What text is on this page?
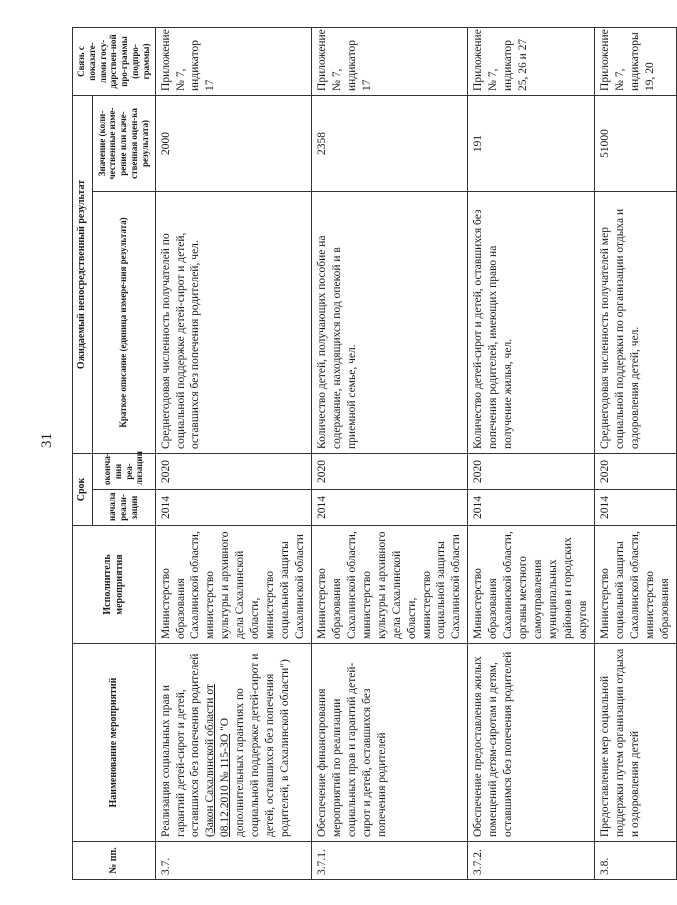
31
№ пп.	Наименование мероприятий	Исполнитель мероприятия	Срок		Ожидаемый непосредственный результат		Связь с показате-лями госу-дарствен-ной про-граммы (подпро-граммы)
			начала реали-зации	оконча-ния реа-лизации	Краткое описание (единица измере-ния результата)	Значение (коли-чественные изме-рение или каче-ственная оцен-ка результата)	
3.7.	Реализация социальных прав и гарантий детей-сирот и детей, оставшихся без попечения родителей (Закон Сахалинской области от 08.12.2010 № 115-ЗО "О дополнительных гарантиях по социальной поддержке детей-сирот и детей, оставшихся без попечения родителей, в Сахалинской области")	Министерство образования Сахалинской области, министерство культуры и архивного дела Сахалинской области, министерство социальной защиты Сахалинской области	2014	2020	Среднегодовая численность получателей по социальной поддержке детей-сирот и детей, оставшихся без попечения родителей, чел.	2000	Приложение № 7, индикатор 17
3.7.1.	Обеспечение финансирования мероприятий по реализации социальных прав и гарантий детей-сирот и детей, оставшихся без попечения родителей	Министерство образования Сахалинской области, министерство культуры и архивного дела Сахалинской области, министерство социальной защиты Сахалинской области	2014	2020	Количество детей, получающих пособие на содержание, находящихся под опекой и в приемной семье, чел.	2358	Приложение № 7, индикатор 17
3.7.2.	Обеспечение предоставления жилых помещений детям-сиротам и детям, оставшимся без попечения родителей	Министерство образования Сахалинской области, органы местного самоуправления муниципальных районов и городских округов	2014	2020	Количество детей-сирот и детей, оставшихся без попечения родителей, имеющих право на получение жилья, чел.	191	Приложение № 7, индикатор 25, 26 и 27
3.8.	Предоставление мер социальной поддержки путем организации отдыха и оздоровления детей	Министерство социальной защиты Сахалинской области, министерство образования	2014	2020	Среднегодовая численность получателей мер социальной поддержки по организации отдыха и оздоровления детей, чел.	51000	Приложение № 7, индикаторы 19, 20
